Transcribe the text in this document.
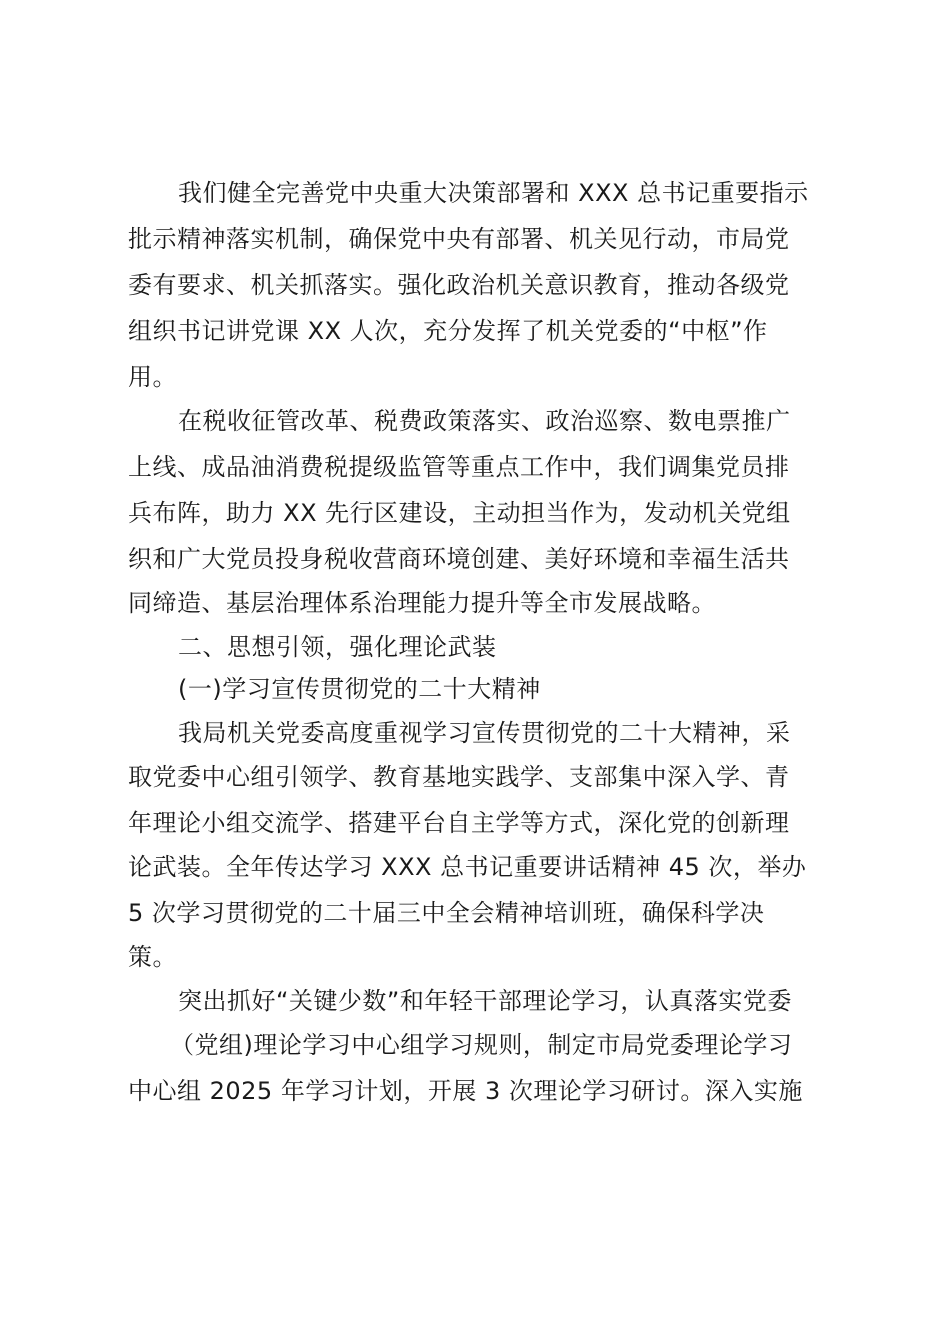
我们健全完善党中央重大决策部署和 XXX 总书记重要指示
批示精神落实机制，确保党中央有部署、机关见行动，市局党
委有要求、机关抓落实。强化政治机关意识教育，推动各级党
组织书记讲党课 XX 人次，充分发挥了机关党委的“中枢”作
用。
在税收征管改革、税费政策落实、政治巡察、数电票推广
上线、成品油消费税提级监管等重点工作中，我们调集党员排
兵布阵，助力 XX 先行区建设，主动担当作为，发动机关党组
织和广大党员投身税收营商环境创建、美好环境和幸福生活共
同缔造、基层治理体系治理能力提升等全市发展战略。
二、思想引领，强化理论武装
(一)学习宣传贯彻党的二十大精神
我局机关党委高度重视学习宣传贯彻党的二十大精神，采
取党委中心组引领学、教育基地实践学、支部集中深入学、青
年理论小组交流学、搭建平台自主学等方式，深化党的创新理
论武装。全年传达学习 XXX 总书记重要讲话精神 45 次，举办
5 次学习贯彻党的二十届三中全会精神培训班，确保科学决
策。
突出抓好“关键少数”和年轻干部理论学习，认真落实党委
（党组)理论学习中心组学习规则，制定市局党委理论学习
中心组 2025 年学习计划，开展 3 次理论学习研讨。深入实施
